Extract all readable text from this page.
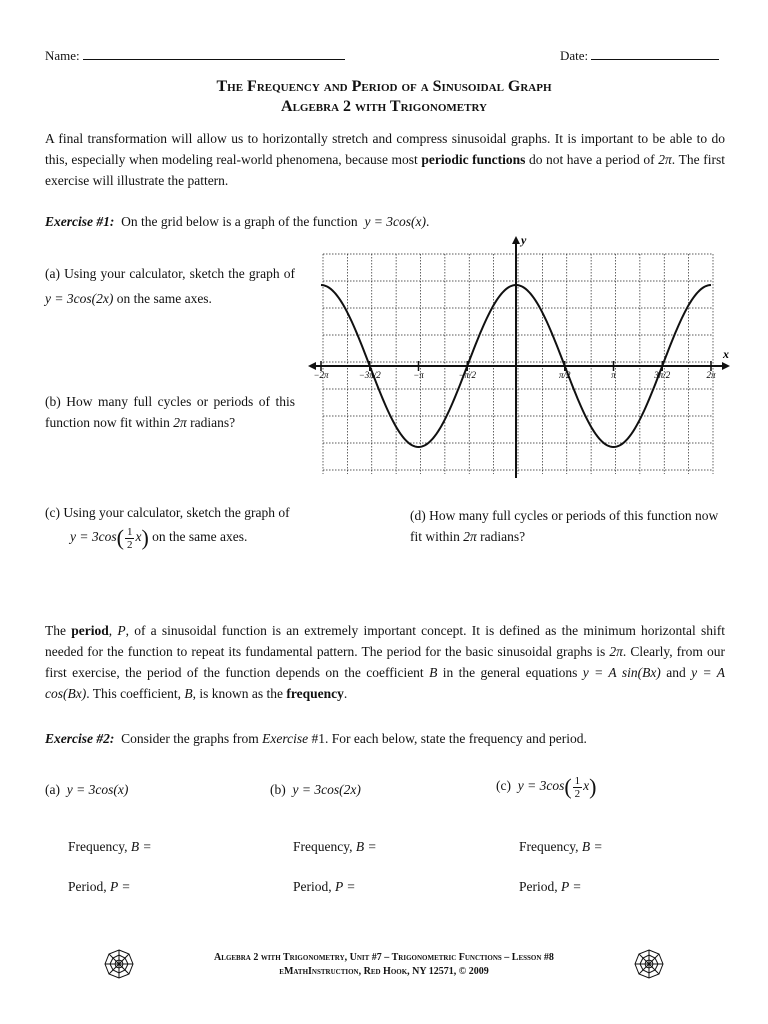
Name:	Date:
The Frequency and Period of a Sinusoidal Graph
Algebra 2 with Trigonometry
A final transformation will allow us to horizontally stretch and compress sinusoidal graphs. It is important to be able to do this, especially when modeling real-world phenomena, because most periodic functions do not have a period of 2π. The first exercise will illustrate the pattern.
Exercise #1: On the grid below is a graph of the function y = 3cos(x).
(a) Using your calculator, sketch the graph of y = 3cos(2x) on the same axes.
(b) How many full cycles or periods of this function now fit within 2π radians?
−2π	−3π/2	−π	−π/2	π/2	π	3π/2	2π
y
x
(c) Using your calculator, sketch the graph of
$y = 3\cos( \frac{1}{2} x)$ on the same axes.
(d) How many full cycles or periods of this function now fit within 2π radians?
The period, P, of a sinusoidal function is an extremely important concept. It is defined as the minimum horizontal shift needed for the function to repeat its fundamental pattern. The period for the basic sinusoidal graphs is 2π. Clearly, from our first exercise, the period of the function depends on the coefficient B in the general equations y = A sin(Bx) and y = A cos(Bx). This coefficient, B, is known as the frequency.
Exercise #2: Consider the graphs from Exercise #1. For each below, state the frequency and period.
(a) y = 3cos(x)	(b) y = 3cos(2x)	(c) $y = 3\cos( \frac{1}{2} x)$
Frequency, B =	Frequency, B =	Frequency, B =
Period, P =	Period, P =	Period, P =
Algebra 2 with Trigonometry, Unit #7 – Trigonometric Functions – Lesson #8
eMathInstruction, Red Hook, NY 12571, © 2009
